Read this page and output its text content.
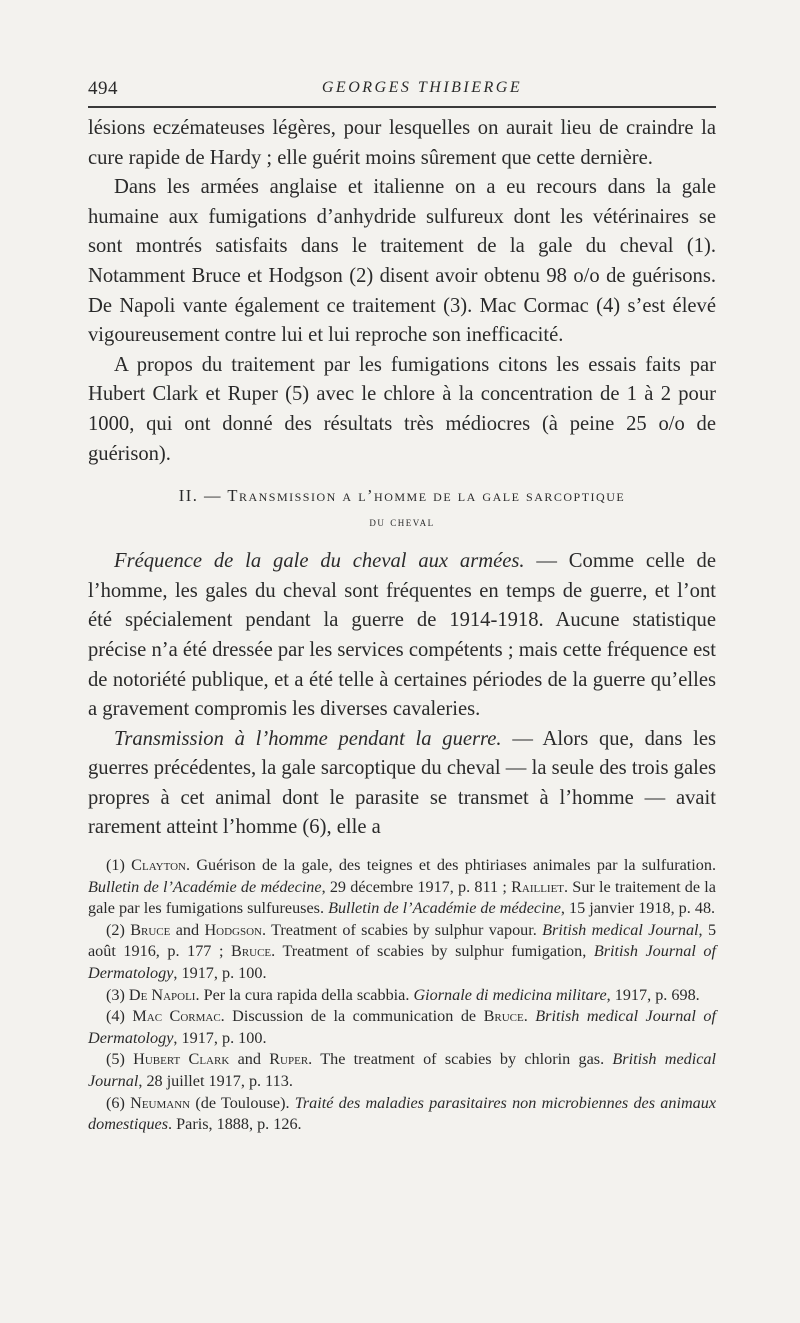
494	GEORGES THIBIERGE

lésions eczémateuses légères, pour lesquelles on aurait lieu de craindre la cure rapide de Hardy ; elle guérit moins sûrement que cette dernière.

Dans les armées anglaise et italienne on a eu recours dans la gale humaine aux fumigations d’anhydride sulfureux dont les vétérinaires se sont montrés satisfaits dans le traitement de la gale du cheval (1). Notamment Bruce et Hodgson (2) disent avoir obtenu 98 o/o de guérisons. De Napoli vante également ce traitement (3). Mac Cormac (4) s’est élevé vigoureusement contre lui et lui reproche son inefficacité.

A propos du traitement par les fumigations citons les essais faits par Hubert Clark et Ruper (5) avec le chlore à la concentration de 1 à 2 pour 1000, qui ont donné des résultats très médiocres (à peine 25 o/o de guérison).

II. — Transmission a l’homme de la gale sarcoptique
du cheval

Fréquence de la gale du cheval aux armées. — Comme celle de l’homme, les gales du cheval sont fréquentes en temps de guerre, et l’ont été spécialement pendant la guerre de 1914-1918. Aucune statistique précise n’a été dressée par les services compétents ; mais cette fréquence est de notoriété publique, et a été telle à certaines périodes de la guerre qu’elles a gravement compromis les diverses cavaleries.

Transmission à l’homme pendant la guerre. — Alors que, dans les guerres précédentes, la gale sarcoptique du cheval — la seule des trois gales propres à cet animal dont le parasite se transmet à l’homme — avait rarement atteint l’homme (6), elle a

(1) Clayton. Guérison de la gale, des teignes et des phtiriases animales par la sulfuration. Bulletin de l’Académie de médecine, 29 décembre 1917, p. 811 ; Railliet. Sur le traitement de la gale par les fumigations sulfureuses. Bulletin de l’Académie de médecine, 15 janvier 1918, p. 48.

(2) Bruce and Hodgson. Treatment of scabies by sulphur vapour. British medical Journal, 5 août 1916, p. 177 ; Bruce. Treatment of scabies by sulphur fumigation, British Journal of Dermatology, 1917, p. 100.

(3) De Napoli. Per la cura rapida della scabbia. Giornale di medicina militare, 1917, p. 698.

(4) Mac Cormac. Discussion de la communication de Bruce. British medical Journal of Dermatology, 1917, p. 100.

(5) Hubert Clark and Ruper. The treatment of scabies by chlorin gas. British medical Journal, 28 juillet 1917, p. 113.

(6) Neumann (de Toulouse). Traité des maladies parasitaires non microbiennes des animaux domestiques. Paris, 1888, p. 126.
